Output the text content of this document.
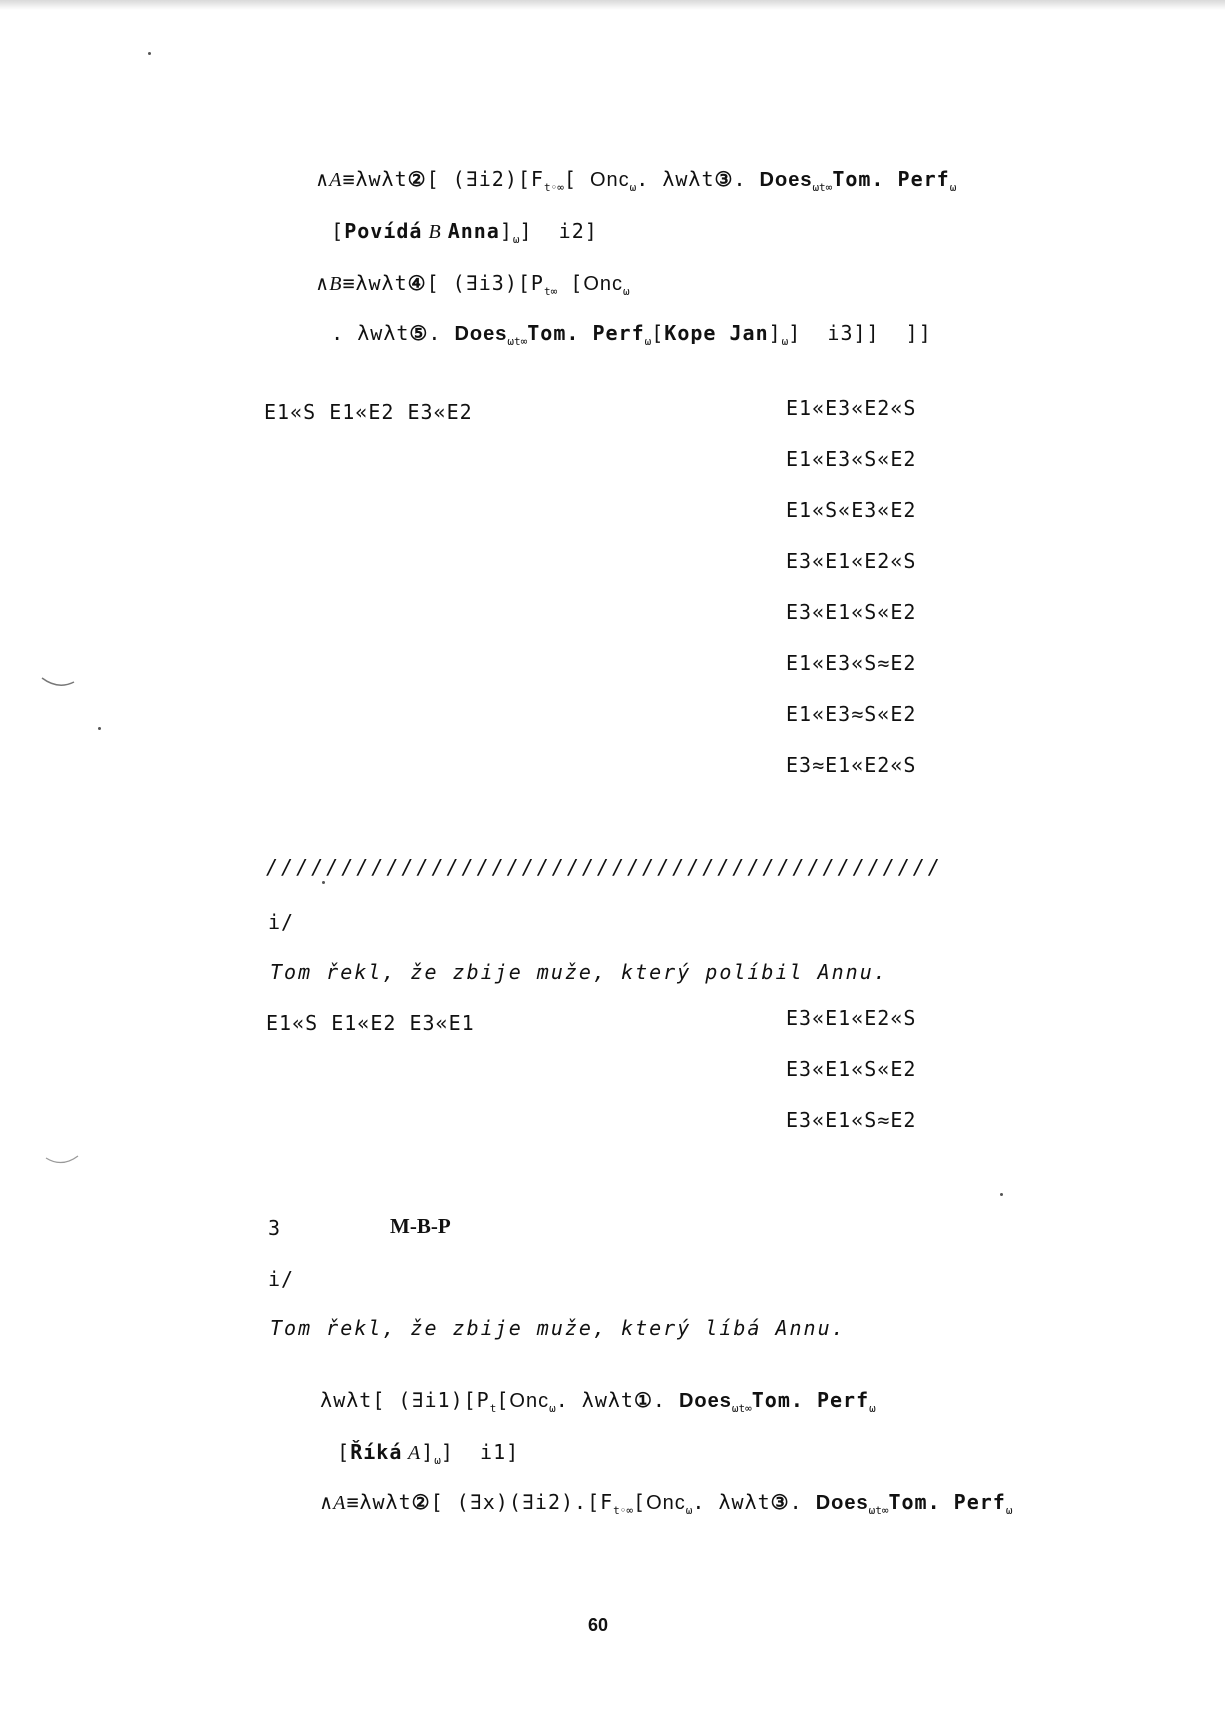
∧A≡λwλt②[ $(\exists i2)[F_{t◦\infty}$[ Onc$_\omega$. λwλt③. Does$_{\omega t\infty}$Tom. Perf$_\omega$

[Povídá B $Anna]_\omega$]  i2]

∧B≡λwλt④[ $(\exists i3)[P_{t\infty}$ [Onc$_\omega$

. λwλt⑤. Does$_{\omega t\infty}$Tom. Perf$_\omega$[Kope $Jan]_\omega$]  i3]]  ]]

E1«S E1«E2 E3«E2	E1«E3«E2«S
E1«E3«S«E2
E1«S«E3«E2
E3«E1«E2«S
E3«E1«S«E2
E1«E3«S≈E2
E1«E3≈S«E2
E3≈E1«E2«S
/////////////////////////////////////////////
i/
Tom řekl, že zbije muže, který políbil Annu.
E1«S E1«E2 E3«E1	E3«E1«E2«S
E3«E1«S«E2
E3«E1«S≈E2
3	M-B-P
i/
Tom řekl, že zbije muže, který líbá Annu.

λwλt[ $(\exists i1)[P_t[Onc_\omega$. λwλt①. Does$_{\omega t\infty}$Tom. Perf$_\omega$

[Říká $A]_\omega$]  i1]

∧A≡λwλt②[ $(\exists x)(\exists i2).[F_{t◦\infty}[Onc_\omega$. λwλt③. Does$_{\omega t\infty}$Tom. Perf$_\omega$

60
